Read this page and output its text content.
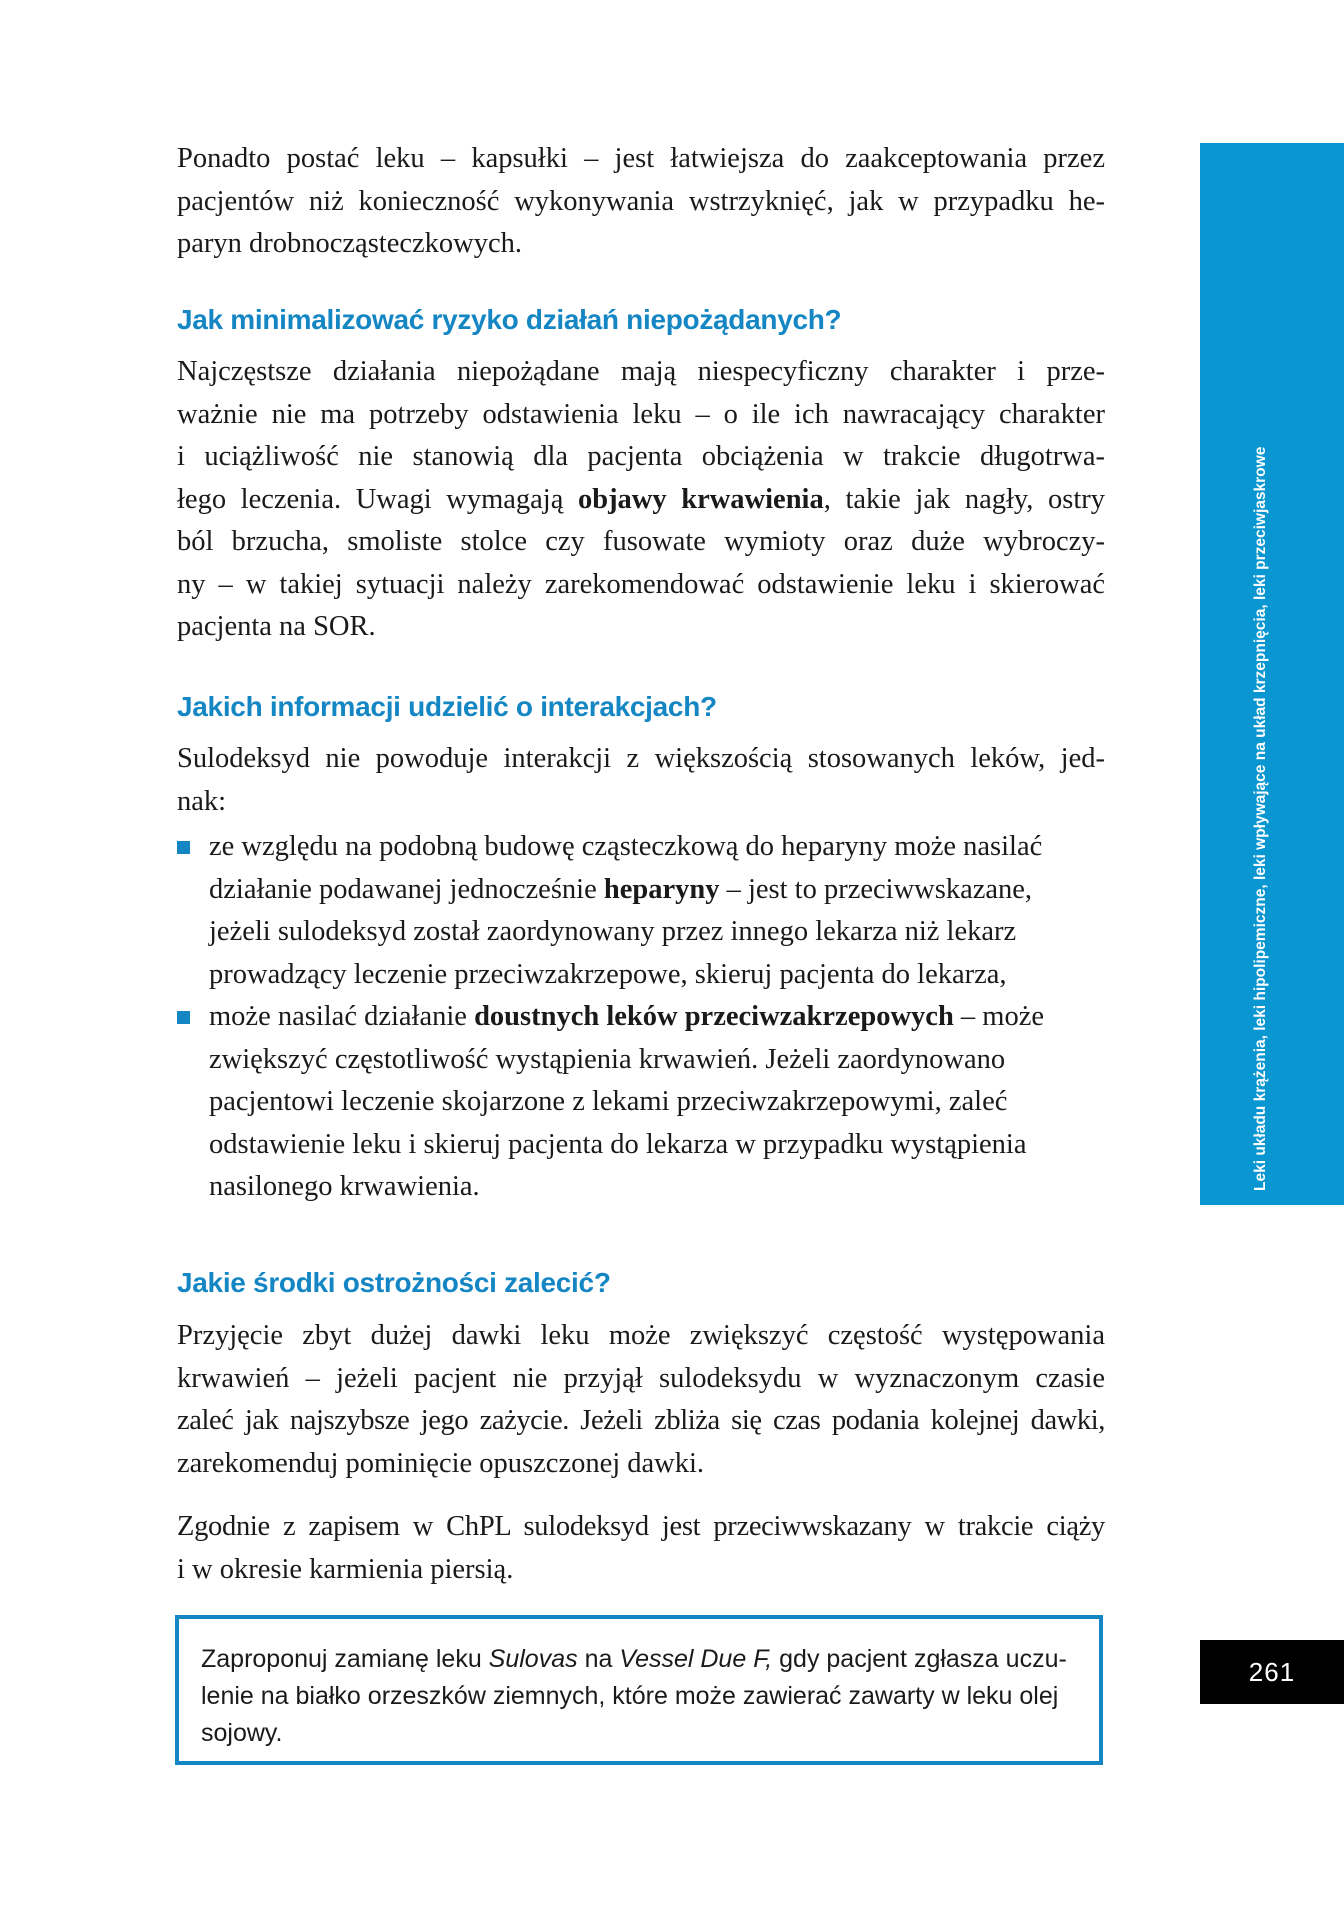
Ponadto postać leku – kapsułki – jest łatwiejsza do zaakceptowania przez
pacjentów niż konieczność wykonywania wstrzyknięć, jak w przypadku he-
paryn drobnocząsteczkowych.
Jak minimalizować ryzyko działań niepożądanych?
Najczęstsze działania niepożądane mają niespecyficzny charakter i prze-
ważnie nie ma potrzeby odstawienia leku – o ile ich nawracający charakter
i uciążliwość nie stanowią dla pacjenta obciążenia w trakcie długotrwa-
łego leczenia. Uwagi wymagają objawy krwawienia, takie jak nagły, ostry
ból brzucha, smoliste stolce czy fusowate wymioty oraz duże wybroczy-
ny – w takiej sytuacji należy zarekomendować odstawienie leku i skierować
pacjenta na SOR.
Jakich informacji udzielić o interakcjach?
Sulodeksyd nie powoduje interakcji z większością stosowanych leków, jed-
nak:
ze względu na podobną budowę cząsteczkową do heparyny może nasilać
działanie podawanej jednocześnie heparyny – jest to przeciwwskazane,
jeżeli sulodeksyd został zaordynowany przez innego lekarza niż lekarz
prowadzący leczenie przeciwzakrzepowe, skieruj pacjenta do lekarza,
może nasilać działanie doustnych leków przeciwzakrzepowych – może
zwiększyć częstotliwość wystąpienia krwawień. Jeżeli zaordynowano
pacjentowi leczenie skojarzone z lekami przeciwzakrzepowymi, zaleć
odstawienie leku i skieruj pacjenta do lekarza w przypadku wystąpienia
nasilonego krwawienia.
Jakie środki ostrożności zalecić?
Przyjęcie zbyt dużej dawki leku może zwiększyć częstość występowania
krwawień – jeżeli pacjent nie przyjął sulodeksydu w wyznaczonym czasie
zaleć jak najszybsze jego zażycie. Jeżeli zbliża się czas podania kolejnej dawki,
zarekomenduj pominięcie opuszczonej dawki.
Zgodnie z zapisem w ChPL sulodeksyd jest przeciwwskazany w trakcie ciąży
i w okresie karmienia piersią.
Zaproponuj zamianę leku Sulovas na Vessel Due F, gdy pacjent zgłasza uczu-
lenie na białko orzeszków ziemnych, które może zawierać zawarty w leku olej
sojowy.
Leki układu krążenia, leki hipolipemiczne, leki wpływające na układ krzepnięcia, leki przeciwjaskrowe
261
